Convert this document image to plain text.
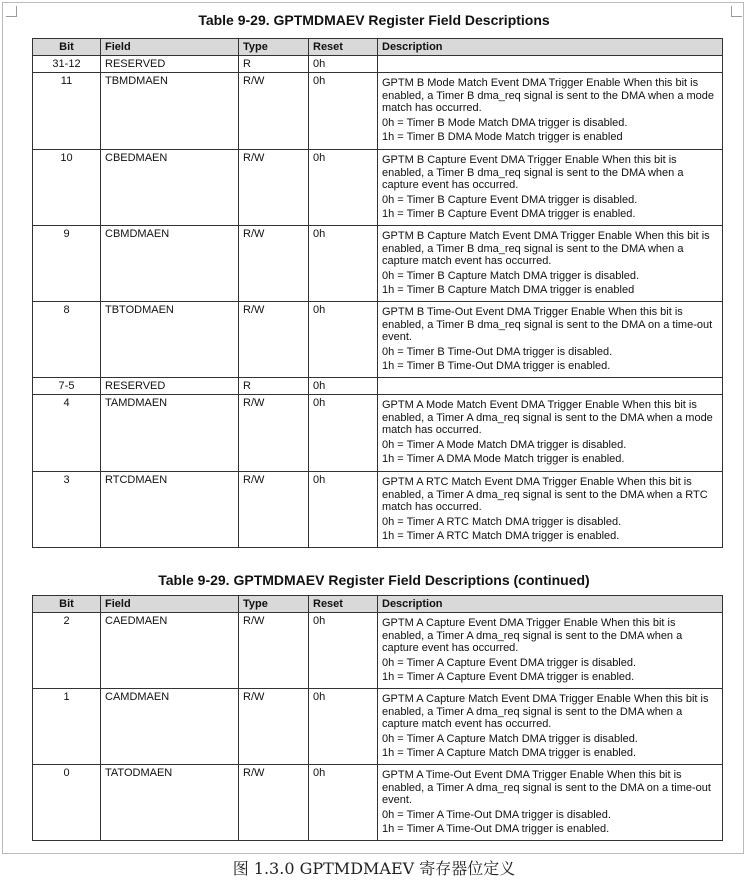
Table 9-29. GPTMDMAEV Register Field Descriptions
Bit	Field	Type	Reset	Description
31-12	RESERVED	R	0h	
11	TBMDMAEN	R/W	0h	GPTM B Mode Match Event DMA Trigger Enable When this bit is
enabled, a Timer B dma_req signal is sent to the DMA when a mode
match has occurred.
0h = Timer B Mode Match DMA trigger is disabled.
1h = Timer B DMA Mode Match trigger is enabled

10	CBEDMAEN	R/W	0h	GPTM B Capture Event DMA Trigger Enable When this bit is
enabled, a Timer B dma_req signal is sent to the DMA when a
capture event has occurred.
0h = Timer B Capture Event DMA trigger is disabled.
1h = Timer B Capture Event DMA trigger is enabled.

9	CBMDMAEN	R/W	0h	GPTM B Capture Match Event DMA Trigger Enable When this bit is
enabled, a Timer B dma_req signal is sent to the DMA when a
capture match event has occurred.
0h = Timer B Capture Match DMA trigger is disabled.
1h = Timer B Capture Match DMA trigger is enabled

8	TBTODMAEN	R/W	0h	GPTM B Time-Out Event DMA Trigger Enable When this bit is
enabled, a Timer B dma_req signal is sent to the DMA on a time-out
event.
0h = Timer B Time-Out DMA trigger is disabled.
1h = Timer B Time-Out DMA trigger is enabled.

7-5	RESERVED	R	0h	
4	TAMDMAEN	R/W	0h	GPTM A Mode Match Event DMA Trigger Enable When this bit is
enabled, a Timer A dma_req signal is sent to the DMA when a mode
match has occurred.
0h = Timer A Mode Match DMA trigger is disabled.
1h = Timer A DMA Mode Match trigger is enabled.

3	RTCDMAEN	R/W	0h	GPTM A RTC Match Event DMA Trigger Enable When this bit is
enabled, a Timer A dma_req signal is sent to the DMA when a RTC
match has occurred.
0h = Timer A RTC Match DMA trigger is disabled.
1h = Timer A RTC Match DMA trigger is enabled.
Table 9-29. GPTMDMAEV Register Field Descriptions (continued)
Bit	Field	Type	Reset	Description
2	CAEDMAEN	R/W	0h	GPTM A Capture Event DMA Trigger Enable When this bit is
enabled, a Timer A dma_req signal is sent to the DMA when a
capture event has occurred.
0h = Timer A Capture Event DMA trigger is disabled.
1h = Timer A Capture Event DMA trigger is enabled.

1	CAMDMAEN	R/W	0h	GPTM A Capture Match Event DMA Trigger Enable When this bit is
enabled, a Timer A dma_req signal is sent to the DMA when a
capture match event has occurred.
0h = Timer A Capture Match DMA trigger is disabled.
1h = Timer A Capture Match DMA trigger is enabled.

0	TATODMAEN	R/W	0h	GPTM A Time-Out Event DMA Trigger Enable When this bit is
enabled, a Timer A dma_req signal is sent to the DMA on a time-out
event.
0h = Timer A Time-Out DMA trigger is disabled.
1h = Timer A Time-Out DMA trigger is enabled.
图 1.3.0 GPTMDMAEV 寄存器位定义
